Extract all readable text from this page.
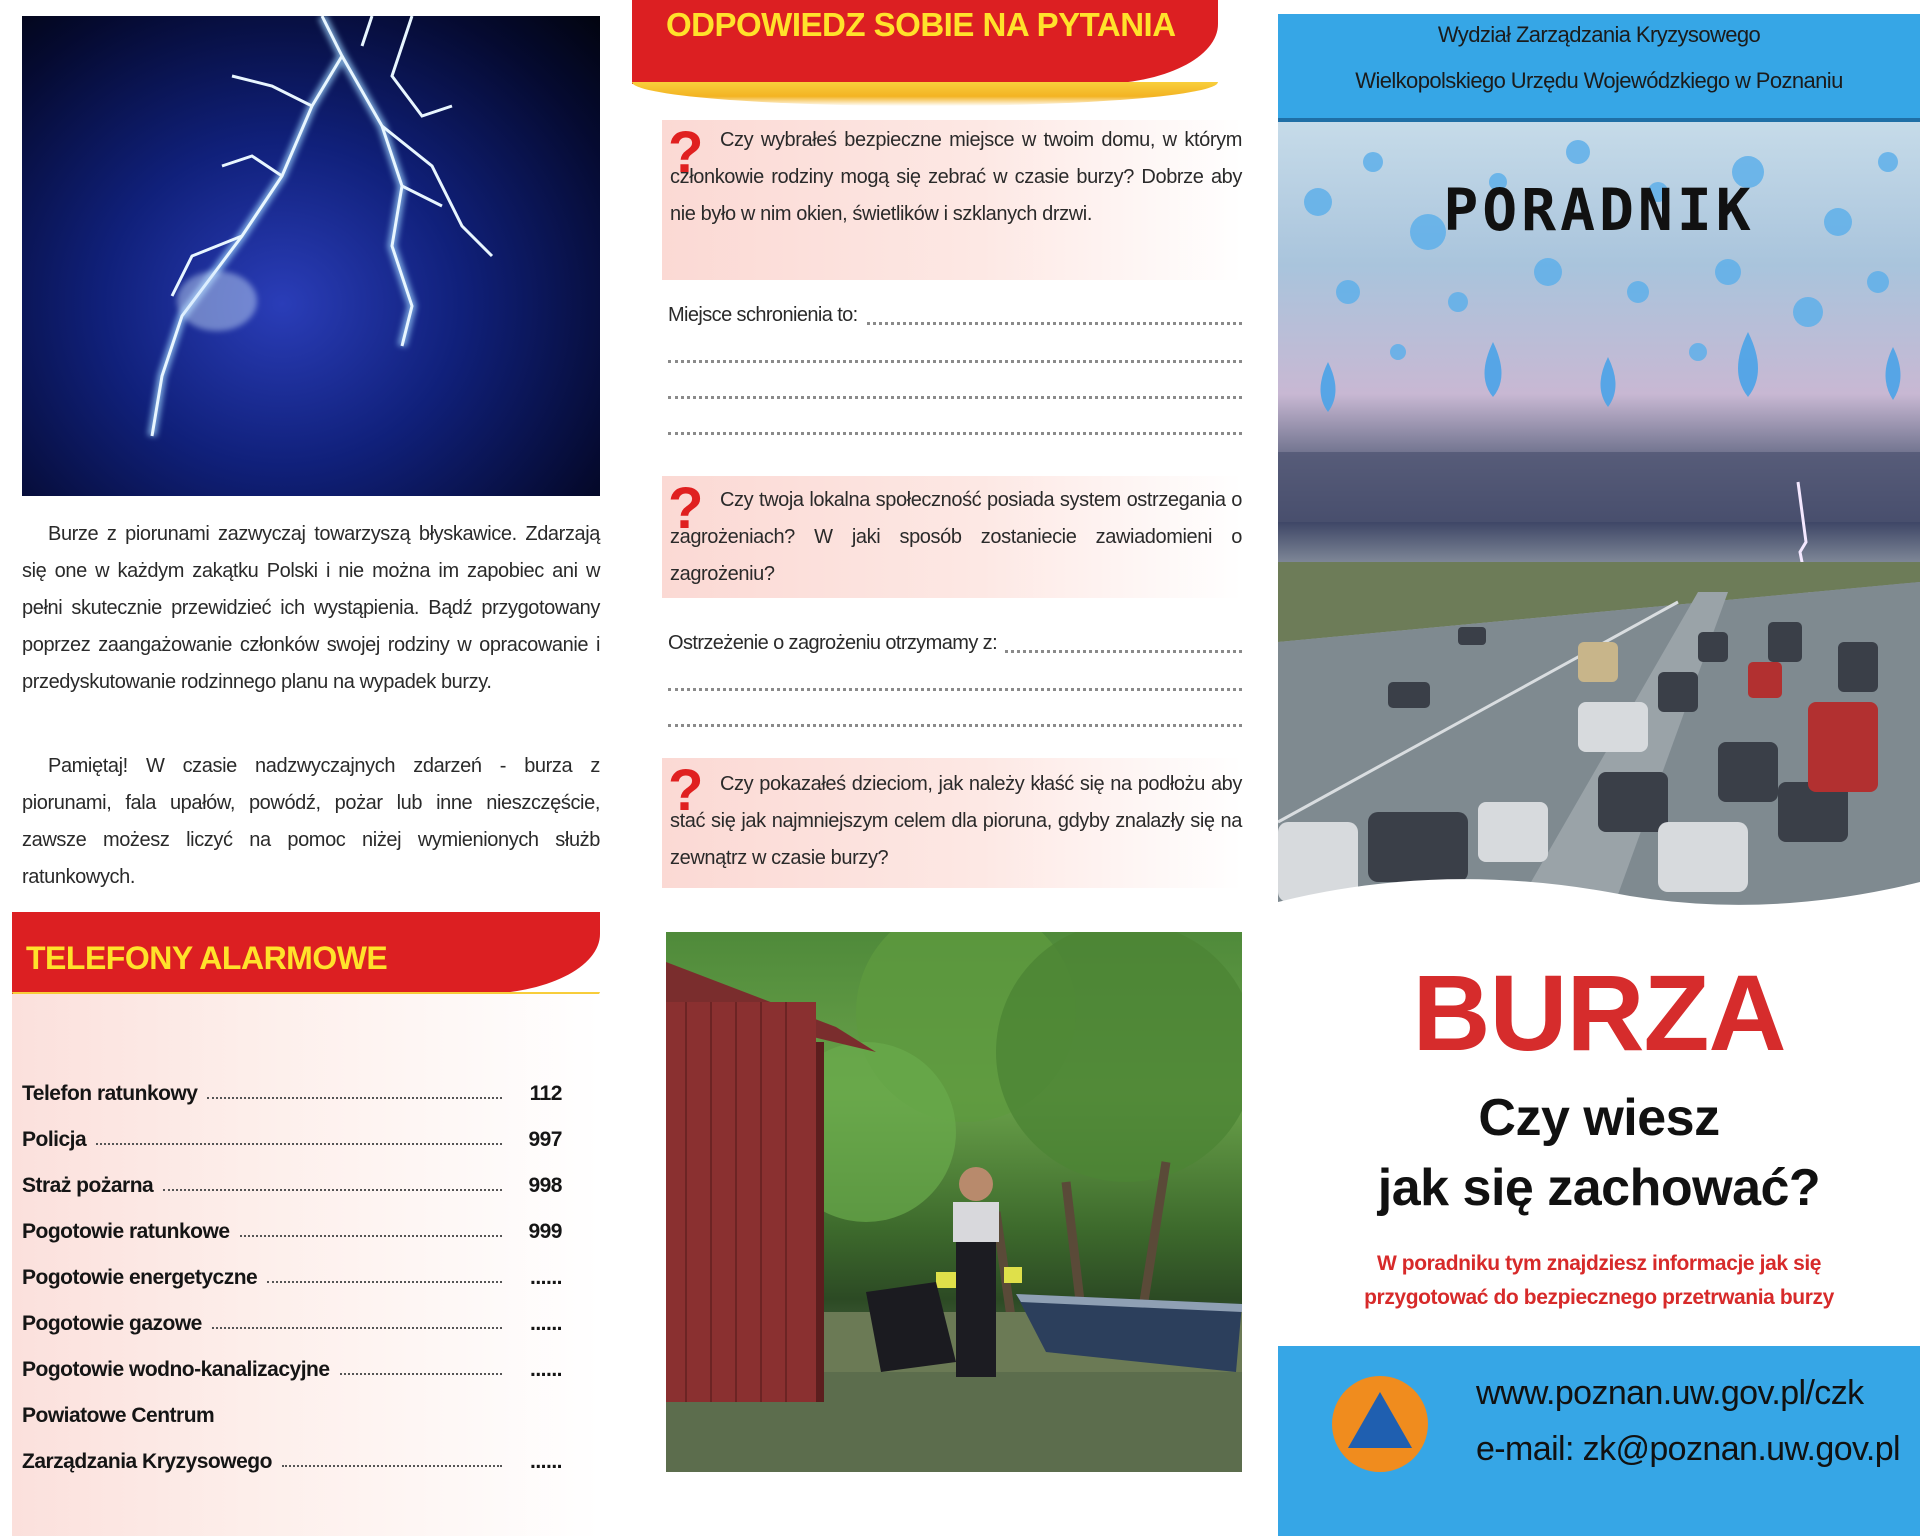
Burze z piorunami zazwyczaj towarzyszą błyskawice. Zdarzają się one w każdym zakątku Polski i nie można im zapobiec ani w pełni skutecznie przewidzieć ich wystąpienia. Bądź przygotowany poprzez zaangażowanie członków swojej rodziny w opracowanie i przedyskutowanie rodzinnego planu na wypadek burzy.
Pamiętaj! W czasie nadzwyczajnych zdarzeń - burza z piorunami, fala upałów, powódź, pożar lub inne nieszczęście, zawsze możesz liczyć na pomoc niżej wymienionych służb ratunkowych.
TELEFONY ALARMOWE
Telefon ratunkowy	112
Policja	997
Straż pożarna	998
Pogotowie ratunkowe	999
Pogotowie energetyczne	......
Pogotowie gazowe	......
Pogotowie wodno-kanalizacyjne	......
Powiatowe Centrum
Zarządzania Kryzysowego	......
ODPOWIEDZ SOBIE NA PYTANIA
? Czy wybrałeś bezpieczne miejsce w twoim domu, w którym członkowie rodziny mogą się zebrać w czasie burzy? Dobrze aby nie było w nim okien, świetlików i szklanych drzwi.
Miejsce schronienia to:
? Czy twoja lokalna społeczność posiada system ostrzegania o zagrożeniach? W jaki sposób zostaniecie zawiadomieni o zagrożeniu?
Ostrzeżenie o zagrożeniu otrzymamy z:
? Czy pokazałeś dzieciom, jak należy kłaść się na podłożu aby stać się jak najmniejszym celem dla pioruna, gdyby znalazły się na zewnątrz w czasie burzy?
Wydział Zarządzania Kryzysowego
Wielkopolskiego Urzędu Wojewódzkiego w Poznaniu
PORADNIK
BURZA
Czy wiesz
jak się zachować?
W poradniku tym znajdziesz informacje jak się
przygotować do bezpiecznego przetrwania burzy
www.poznan.uw.gov.pl/czk
e-mail: zk@poznan.uw.gov.pl
